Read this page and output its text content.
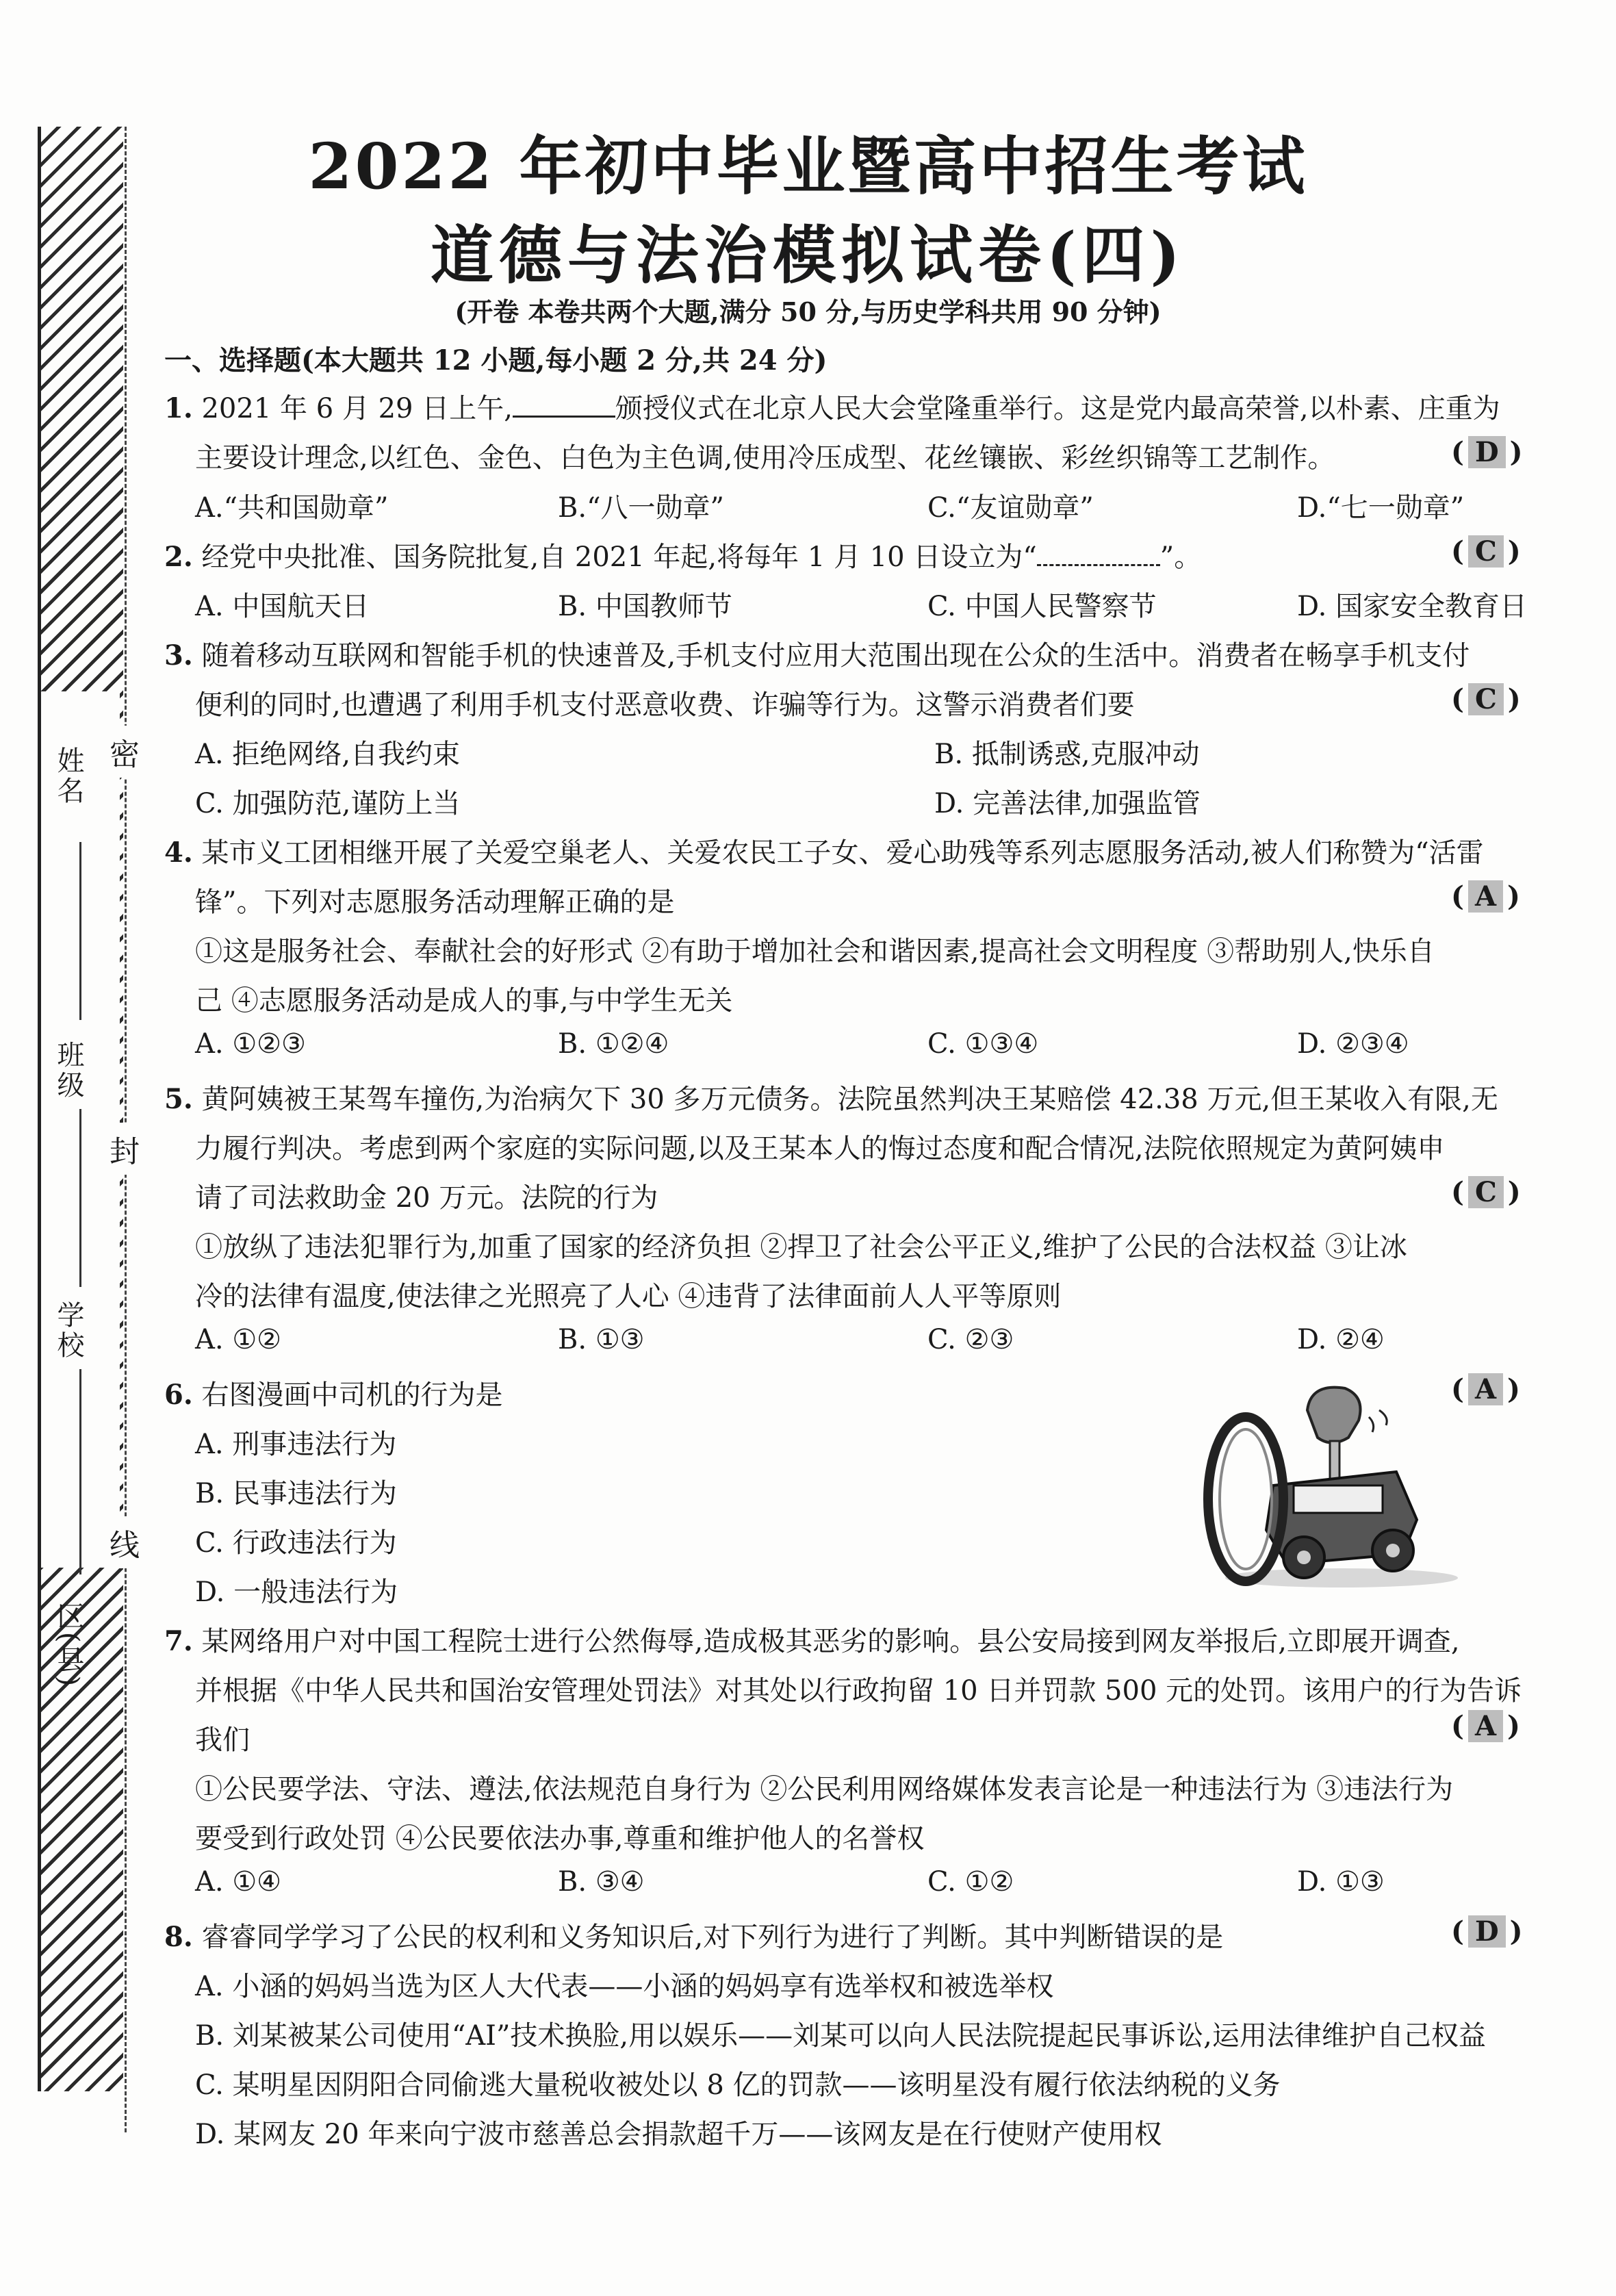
姓名
班级
学校
区(县)
密
封
线
2022 年初中毕业暨高中招生考试
道德与法治模拟试卷(四)
(开卷 本卷共两个大题,满分 50 分,与历史学科共用 90 分钟)
一、选择题(本大题共 12 小题,每小题 2 分,共 24 分)
1. 2021 年 6 月 29 日上午,	颁授仪式在北京人民大会堂隆重举行。这是党内最高荣誉,以朴素、庄重为
主要设计理念,以红色、金色、白色为主色调,使用冷压成型、花丝镶嵌、彩丝织锦等工艺制作。	( D )
A.“共和国勋章”	B.“八一勋章”	C.“友谊勋章”	D.“七一勋章”
2. 经党中央批准、国务院批复,自 2021 年起,将每年 1 月 10 日设立为“	”。	( C )
A. 中国航天日	B. 中国教师节	C. 中国人民警察节	D. 国家安全教育日
3. 随着移动互联网和智能手机的快速普及,手机支付应用大范围出现在公众的生活中。消费者在畅享手机支付
便利的同时,也遭遇了利用手机支付恶意收费、诈骗等行为。这警示消费者们要	( C )
A. 拒绝网络,自我约束	B. 抵制诱惑,克服冲动
C. 加强防范,谨防上当	D. 完善法律,加强监管
4. 某市义工团相继开展了关爱空巢老人、关爱农民工子女、爱心助残等系列志愿服务活动,被人们称赞为“活雷
锋”。下列对志愿服务活动理解正确的是	( A )
①这是服务社会、奉献社会的好形式 ②有助于增加社会和谐因素,提高社会文明程度 ③帮助别人,快乐自
己 ④志愿服务活动是成人的事,与中学生无关
A. ①②③	B. ①②④	C. ①③④	D. ②③④
5. 黄阿姨被王某驾车撞伤,为治病欠下 30 多万元债务。法院虽然判决王某赔偿 42.38 万元,但王某收入有限,无
力履行判决。考虑到两个家庭的实际问题,以及王某本人的悔过态度和配合情况,法院依照规定为黄阿姨申
请了司法救助金 20 万元。法院的行为	( C )
①放纵了违法犯罪行为,加重了国家的经济负担 ②捍卫了社会公平正义,维护了公民的合法权益 ③让冰
冷的法律有温度,使法律之光照亮了人心 ④违背了法律面前人人平等原则
A. ①②	B. ①③	C. ②③	D. ②④
6. 右图漫画中司机的行为是	( A )
A. 刑事违法行为
B. 民事违法行为
C. 行政违法行为
D. 一般违法行为
7. 某网络用户对中国工程院士进行公然侮辱,造成极其恶劣的影响。县公安局接到网友举报后,立即展开调查,
并根据《中华人民共和国治安管理处罚法》对其处以行政拘留 10 日并罚款 500 元的处罚。该用户的行为告诉
我们	( A )
①公民要学法、守法、遵法,依法规范自身行为 ②公民利用网络媒体发表言论是一种违法行为 ③违法行为
要受到行政处罚 ④公民要依法办事,尊重和维护他人的名誉权
A. ①④	B. ③④	C. ①②	D. ①③
8. 睿睿同学学习了公民的权利和义务知识后,对下列行为进行了判断。其中判断错误的是	( D )
A. 小涵的妈妈当选为区人大代表——小涵的妈妈享有选举权和被选举权
B. 刘某被某公司使用“AI”技术换脸,用以娱乐——刘某可以向人民法院提起民事诉讼,运用法律维护自己权益
C. 某明星因阴阳合同偷逃大量税收被处以 8 亿的罚款——该明星没有履行依法纳税的义务
D. 某网友 20 年来向宁波市慈善总会捐款超千万——该网友是在行使财产使用权
